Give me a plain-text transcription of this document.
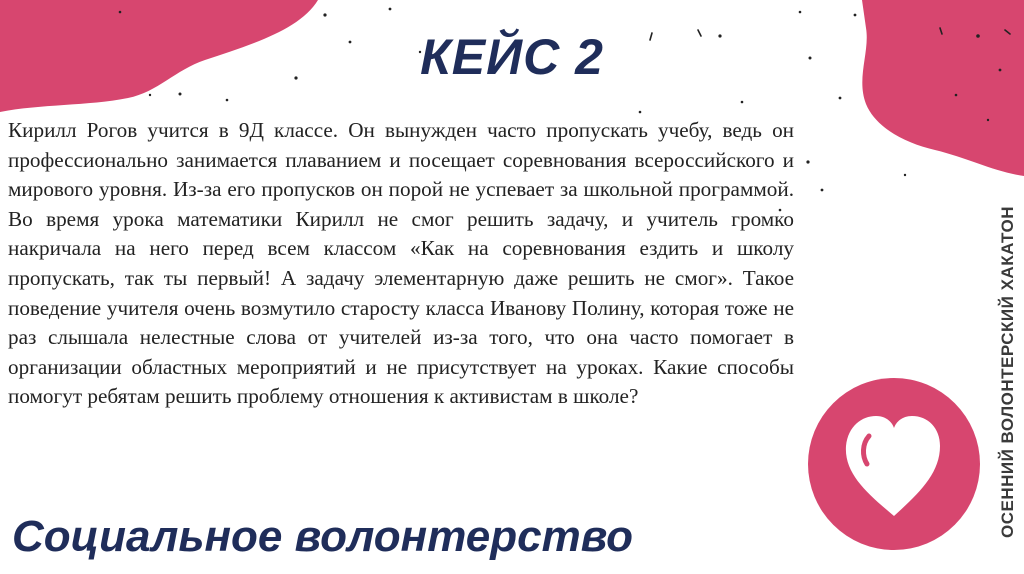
КЕЙС 2
Кирилл Рогов учится в 9Д классе. Он вынужден часто пропускать учебу, ведь он профессионально занимается плаванием и посещает соревнования всероссийского и мирового уровня. Из-за его пропусков он порой не успевает за школьной программой. Во время урока математики Кирилл не смог решить задачу, и учитель громко накричала на него перед всем классом «Как на соревнования ездить и школу пропускать, так ты первый! А задачу элементарную даже решить не смог». Такое поведение учителя очень возмутило старосту класса Иванову Полину, которая тоже не раз слышала нелестные слова от учителей из-за того, что она часто помогает в организации областных мероприятий и не присутствует на уроках. Какие способы помогут ребятам решить проблему отношения к активистам в школе?
Социальное волонтерство	ОСЕННИЙ ВОЛОНТЕРСКИЙ ХАКАТОН
